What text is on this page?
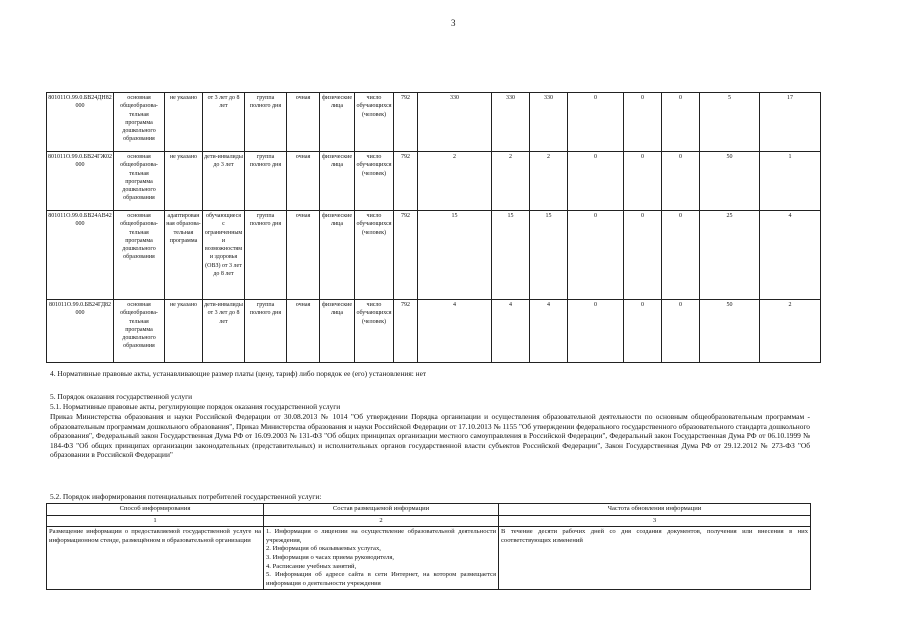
3
801011О.99.0.БВ24ДН82000	основная общеобразова-тельная программа дошкольного образования	не указано	от 3 лет до 8 лет	группа полного дня	очная	физические лица	число обучающихся (человек)	792	330	330	330	0	0	0	5	17
801011О.99.0.БВ24ГЖ02000	основная общеобразова-тельная программа дошкольного образования	не указано	дети-инвалиды до 3 лет	группа полного дня	очная	физические лица	число обучающихся (человек)	792	2	2	2	0	0	0	50	1
801011О.99.0.БВ24АВ42000	основная общеобразова-тельная программа дошкольного образования	адаптированная образова-тельная программа	обучающиеся с ограниченными возможностями здоровья (ОВЗ) от 3 лет до 8 лет	группа полного дня	очная	физические лица	число обучающихся (человек)	792	15	15	15	0	0	0	25	4
801011О.99.0.БВ24ГД82000	основная общеобразова-тельная программа дошкольного образования	не указано	дети-инвалиды от 3 лет до 8 лет	группа полного дня	очная	физические лица	число обучающихся (человек)	792	4	4	4	0	0	0	50	2
4. Нормативные правовые акты, устанавливающие размер платы (цену, тариф) либо порядок ее (его) установления: нет
5. Порядок оказания государственной услуги
5.1. Нормативные правовые акты, регулирующие порядок оказания государственной услуги
Приказ Министерства образования и науки Российской Федерации от 30.08.2013 № 1014 "Об утверждении Порядка организации и осуществления образовательной деятельности по основным общеобразовательным программам - образовательным программам дошкольного образования", Приказ Министерства образования и науки Российской Федерации от 17.10.2013 № 1155 "Об утверждении федерального государственного образовательного стандарта дошкольного образования", Федеральный закон Государственная Дума РФ от 16.09.2003 № 131-ФЗ "Об общих принципах организации местного самоуправления в Российской Федерации", Федеральный закон Государственная Дума РФ от 06.10.1999 № 184-ФЗ "Об общих принципах организации законодательных (представительных) и исполнительных органов государственной власти субъектов Российской Федерации", Закон Государственная Дума РФ от 29.12.2012 № 273-ФЗ "Об образовании в Российской Федерации"
5.2. Порядок информирования потенциальных потребителей государственной услуги:
Способ информирования	Состав размещаемой информации	Частота обновления информации
1	2	3
Размещение информации о предоставляемой государственной услуге на информационном стенде, размещённом в образовательной организации	1. Информация о лицензии на осуществление образовательной деятельности учреждения,
2. Информация об оказываемых услугах,
3. Информация о часах приема руководителя,
4. Расписание учебных занятий,
5. Информация об адресе сайта в сети Интернет, на котором размещается информация о деятельности учреждения	В течение десяти рабочих дней со дня создания документов, получения или внесения в них соответствующих изменений
